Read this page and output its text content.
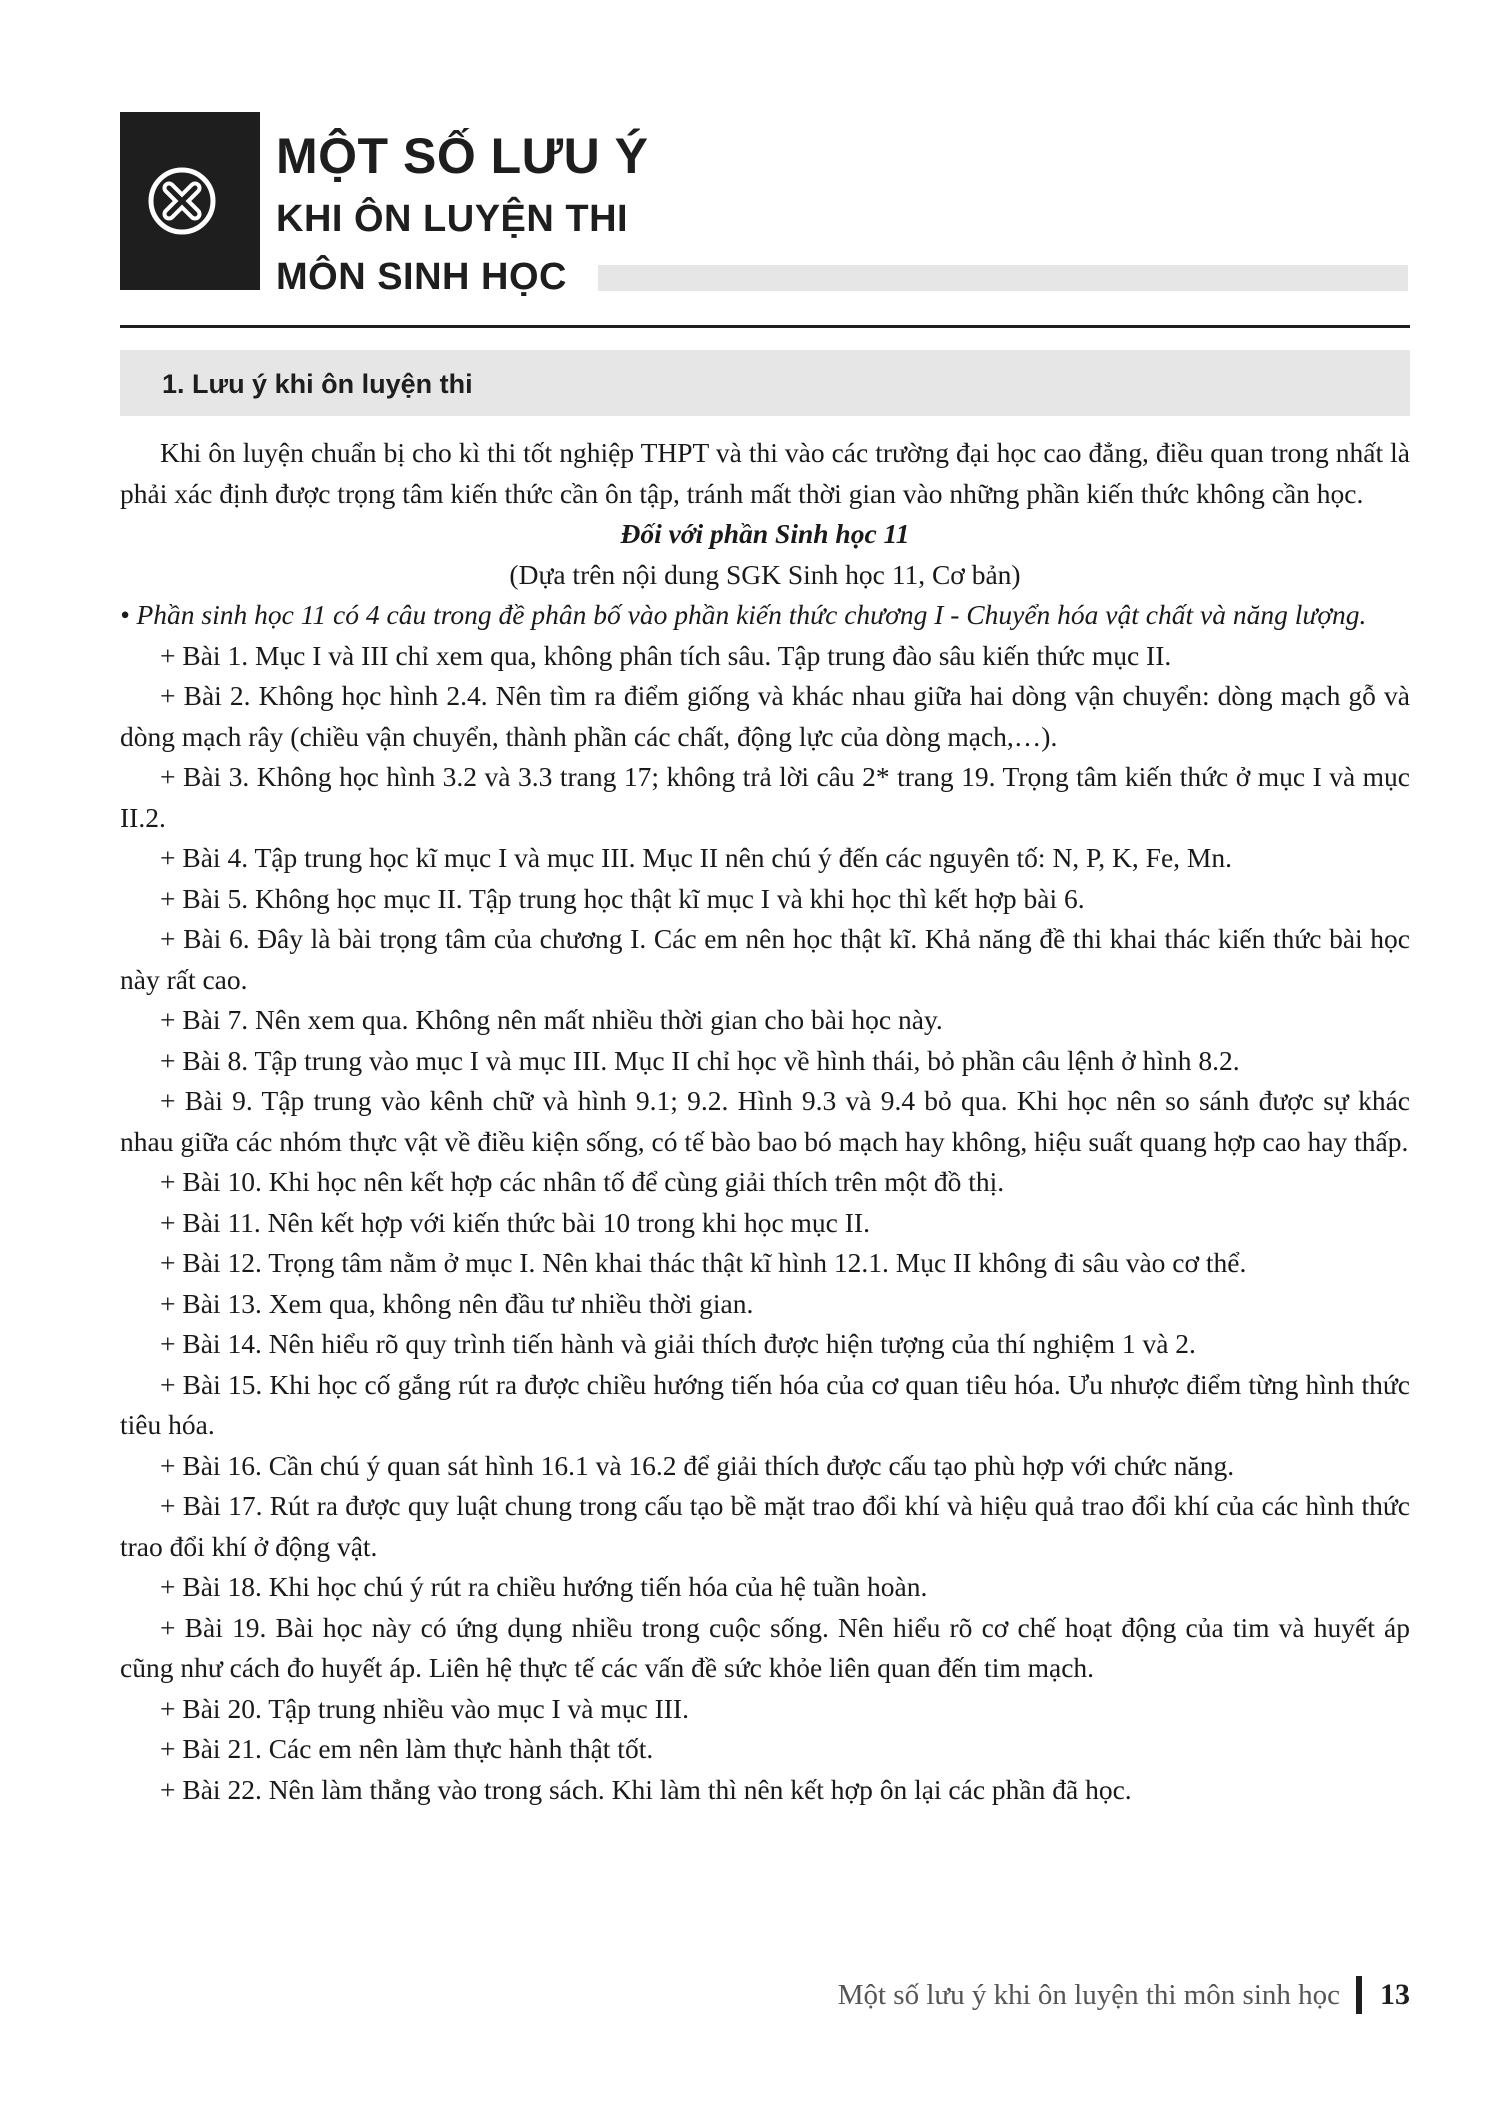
MỘT SỐ LƯU Ý
KHI ÔN LUYỆN THI
MÔN SINH HỌC
1. Lưu ý khi ôn luyện thi

Khi ôn luyện chuẩn bị cho kì thi tốt nghiệp THPT và thi vào các trường đại học cao đẳng, điều quan trong nhất là phải xác định được trọng tâm kiến thức cần ôn tập, tránh mất thời gian vào những phần kiến thức không cần học.

Đối với phần Sinh học 11

(Dựa trên nội dung SGK Sinh học 11, Cơ bản)

• Phần sinh học 11 có 4 câu trong đề phân bố vào phần kiến thức chương I - Chuyển hóa vật chất và năng lượng.

+ Bài 1. Mục I và III chỉ xem qua, không phân tích sâu. Tập trung đào sâu kiến thức mục II.

+ Bài 2. Không học hình 2.4. Nên tìm ra điểm giống và khác nhau giữa hai dòng vận chuyển: dòng mạch gỗ và dòng mạch rây (chiều vận chuyển, thành phần các chất, động lực của dòng mạch,…).

+ Bài 3. Không học hình 3.2 và 3.3 trang 17; không trả lời câu 2* trang 19. Trọng tâm kiến thức ở mục I và mục II.2.

+ Bài 4. Tập trung học kĩ mục I và mục III. Mục II nên chú ý đến các nguyên tố: N, P, K, Fe, Mn.

+ Bài 5. Không học mục II. Tập trung học thật kĩ mục I và khi học thì kết hợp bài 6.

+ Bài 6. Đây là bài trọng tâm của chương I. Các em nên học thật kĩ. Khả năng đề thi khai thác kiến thức bài học này rất cao.

+ Bài 7. Nên xem qua. Không nên mất nhiều thời gian cho bài học này.

+ Bài 8. Tập trung vào mục I và mục III. Mục II chỉ học về hình thái, bỏ phần câu lệnh ở hình 8.2.

+ Bài 9. Tập trung vào kênh chữ và hình 9.1; 9.2. Hình 9.3 và 9.4 bỏ qua. Khi học nên so sánh được sự khác nhau giữa các nhóm thực vật về điều kiện sống, có tế bào bao bó mạch hay không, hiệu suất quang hợp cao hay thấp.

+ Bài 10. Khi học nên kết hợp các nhân tố để cùng giải thích trên một đồ thị.

+ Bài 11. Nên kết hợp với kiến thức bài 10 trong khi học mục II.

+ Bài 12. Trọng tâm nằm ở mục I. Nên khai thác thật kĩ hình 12.1. Mục II không đi sâu vào cơ thể.

+ Bài 13. Xem qua, không nên đầu tư nhiều thời gian.

+ Bài 14. Nên hiểu rõ quy trình tiến hành và giải thích được hiện tượng của thí nghiệm 1 và 2.

+ Bài 15. Khi học cố gắng rút ra được chiều hướng tiến hóa của cơ quan tiêu hóa. Ưu nhược điểm từng hình thức tiêu hóa.

+ Bài 16. Cần chú ý quan sát hình 16.1 và 16.2 để giải thích được cấu tạo phù hợp với chức năng.

+ Bài 17. Rút ra được quy luật chung trong cấu tạo bề mặt trao đổi khí và hiệu quả trao đổi khí của các hình thức trao đổi khí ở động vật.

+ Bài 18. Khi học chú ý rút ra chiều hướng tiến hóa của hệ tuần hoàn.

+ Bài 19. Bài học này có ứng dụng nhiều trong cuộc sống. Nên hiểu rõ cơ chế hoạt động của tim và huyết áp cũng như cách đo huyết áp. Liên hệ thực tế các vấn đề sức khỏe liên quan đến tim mạch.

+ Bài 20. Tập trung nhiều vào mục I và mục III.

+ Bài 21. Các em nên làm thực hành thật tốt.

+ Bài 22. Nên làm thẳng vào trong sách. Khi làm thì nên kết hợp ôn lại các phần đã học.

Một số lưu ý khi ôn luyện thi môn sinh học 13
